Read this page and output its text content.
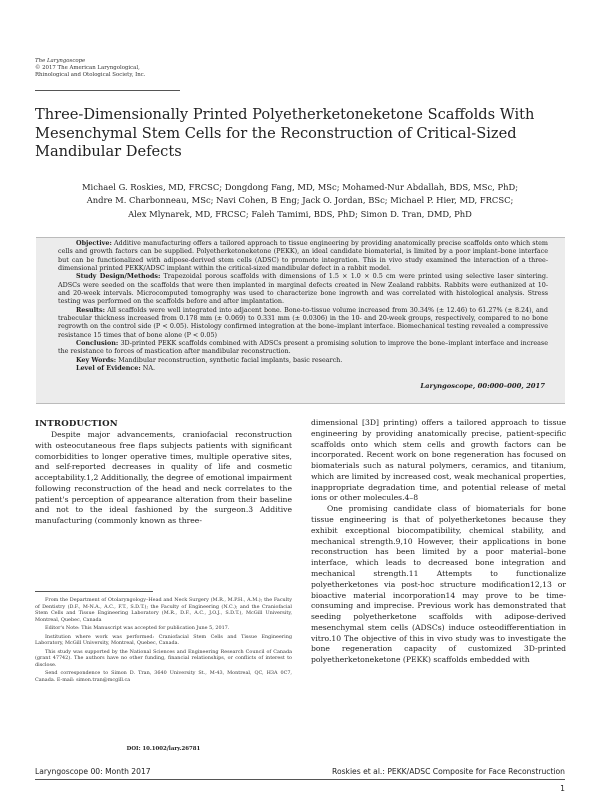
The Laryngoscope
© 2017 The American Laryngological,
Rhinological and Otological Society, Inc.
Three-Dimensionally Printed Polyetherketoneketone Scaffolds With Mesenchymal Stem Cells for the Reconstruction of Critical-Sized Mandibular Defects
Michael G. Roskies, MD, FRCSC; Dongdong Fang, MD, MSc; Mohamed-Nur Abdallah, BDS, MSc, PhD;
Andre M. Charbonneau, MSc; Navi Cohen, B Eng; Jack O. Jordan, BSc; Michael P. Hier, MD, FRCSC;
Alex Mlynarek, MD, FRCSC; Faleh Tamimi, BDS, PhD; Simon D. Tran, DMD, PhD

Objective: Additive manufacturing offers a tailored approach to tissue engineering by providing anatomically precise scaffolds onto which stem cells and growth factors can be supplied. Polyetherketoneketone (PEKK), an ideal candidate biomaterial, is limited by a poor implant–bone interface but can be functionalized with adipose-derived stem cells (ADSC) to promote integration. This in vivo study examined the interaction of a three-dimensional printed PEKK/ADSC implant within the critical-sized mandibular defect in a rabbit model.

Study Design/Methods: Trapezoidal porous scaffolds with dimensions of 1.5 × 1.0 × 0.5 cm were printed using selective laser sintering. ADSCs were seeded on the scaffolds that were then implanted in marginal defects created in New Zealand rabbits. Rabbits were euthanized at 10- and 20-week intervals. Microcomputed tomography was used to characterize bone ingrowth and was correlated with histological analysis. Stress testing was performed on the scaffolds before and after implantation.

Results: All scaffolds were well integrated into adjacent bone. Bone-to-tissue volume increased from 30.34% (± 12.46) to 61.27% (± 8.24), and trabecular thickness increased from 0.178 mm (± 0.069) to 0.331 mm (± 0.0306) in the 10- and 20-week groups, respectively, compared to no bone regrowth on the control side (P < 0.05). Histology confirmed integration at the bone–implant interface. Biomechanical testing revealed a compressive resistance 15 times that of bone alone (P < 0.05)

Conclusion: 3D-printed PEKK scaffolds combined with ADSCs present a promising solution to improve the bone–implant interface and increase the resistance to forces of mastication after mandibular reconstruction.

Key Words: Mandibular reconstruction, synthetic facial implants, basic research.

Level of Evidence: NA.

Laryngoscope, 00:000–000, 2017
INTRODUCTION

Despite major advancements, craniofacial reconstruction with osteocutaneous free flaps subjects patients with significant comorbidities to longer operative times, multiple operative sites, and self-reported decreases in quality of life and cosmetic acceptability.1,2 Additionally, the degree of emotional impairment following reconstruction of the head and neck correlates to the patient's perception of appearance alteration from their baseline and not to the ideal fashioned by the surgeon.3 Additive manufacturing (commonly known as three-

From the Department of Otolaryngology–Head and Neck Surgery (M.R., M.P.H., A.M.); the Faculty of Dentistry (D.F., M-N.A., A.C., F.T., S.D.T.); the Faculty of Engineering (N.C.); and the Craniofacial Stem Cells and Tissue Engineering Laboratory (M.R., D.F., A.C., J.O.J., S.D.T.), McGill University, Montreal, Quebec, Canada

Editor's Note: This Manuscript was accepted for publication June 5, 2017.

Institution where work was performed: Craniofacial Stem Cells and Tissue Engineering Laboratory, McGill University, Montreal, Quebec, Canada.

This study was supported by the National Sciences and Engineering Research Council of Canada (grant 47742). The authors have no other funding, financial relationships, or conflicts of interest to disclose.

Send correspondence to Simon D. Tran, 3640 University St., M-43, Montreal, QC, H3A 0C7, Canada. E-mail: simon.tran@mcgill.ca

DOI: 10.1002/lary.26781

dimensional [3D] printing) offers a tailored approach to tissue engineering by providing anatomically precise, patient-specific scaffolds onto which stem cells and growth factors can be incorporated. Recent work on bone regeneration has focused on biomaterials such as natural polymers, ceramics, and titanium, which are limited by increased cost, weak mechanical properties, inappropriate degradation time, and potential release of metal ions or other molecules.4–8

One promising candidate class of biomaterials for bone tissue engineering is that of polyetherketones because they exhibit exceptional biocompatibility, chemical stability, and mechanical strength.9,10 However, their applications in bone reconstruction has been limited by a poor material–bone interface, which leads to decreased bone integration and mechanical strength.11 Attempts to functionalize polyetherketones via post-hoc structure modification12,13 or bioactive material incorporation14 may prove to be time-consuming and imprecise. Previous work has demonstrated that seeding polyetherketone scaffolds with adipose-derived mesenchymal stem cells (ADSCs) induce osteodifferentiation in vitro.10 The objective of this in vivo study was to investigate the bone regeneration capacity of customized 3D-printed polyetherketoneketone (PEKK) scaffolds embedded with

Laryngoscope 00: Month 2017	Roskies et al.: PEKK/ADSC Composite for Face Reconstruction
1
